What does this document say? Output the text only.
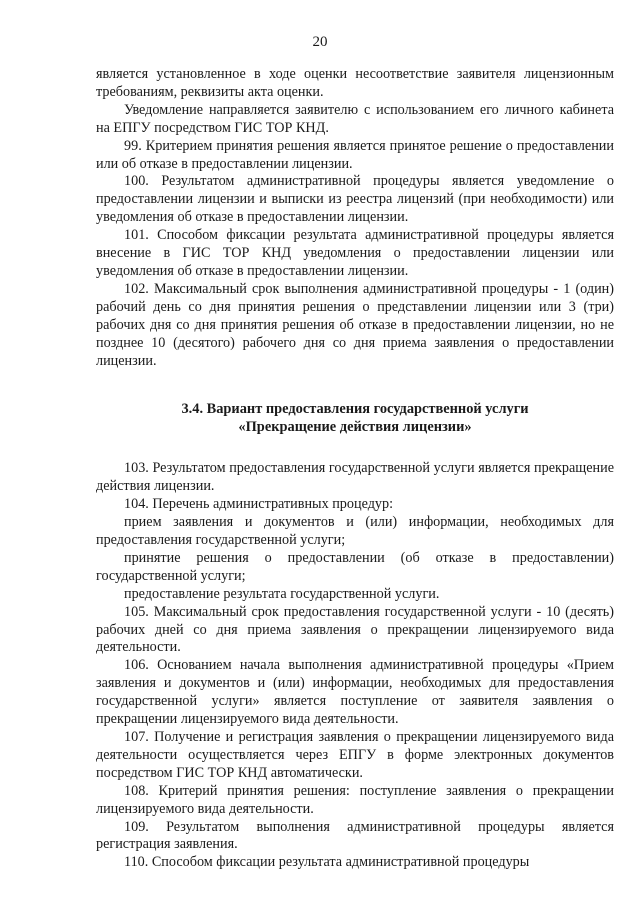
20

является установленное в ходе оценки несоответствие заявителя лицензионным требованиям, реквизиты акта оценки.

Уведомление направляется заявителю с использованием его личного кабинета на ЕПГУ посредством ГИС ТОР КНД.

99. Критерием принятия решения является принятое решение о предоставлении или об отказе в предоставлении лицензии.

100. Результатом административной процедуры является уведомление о предоставлении лицензии и выписки из реестра лицензий (при необходимости) или уведомления об отказе в предоставлении лицензии.

101. Способом фиксации результата административной процедуры является внесение в ГИС ТОР КНД уведомления о предоставлении лицензии или уведомления об отказе в предоставлении лицензии.

102. Максимальный срок выполнения административной процедуры - 1 (один) рабочий день со дня принятия решения о представлении лицензии или 3 (три) рабочих дня со дня принятия решения об отказе в предоставлении лицензии, но не позднее 10 (десятого) рабочего дня со дня приема заявления о предоставлении лицензии.

3.4. Вариант предоставления государственной услуги
«Прекращение действия лицензии»

103. Результатом предоставления государственной услуги является прекращение действия лицензии.

104. Перечень административных процедур:

прием заявления и документов и (или) информации, необходимых для предоставления государственной услуги;

принятие решения о предоставлении (об отказе в предоставлении) государственной услуги;

предоставление результата государственной услуги.

105. Максимальный срок предоставления государственной услуги - 10 (десять) рабочих дней со дня приема заявления о прекращении лицензируемого вида деятельности.

106. Основанием начала выполнения административной процедуры «Прием заявления и документов и (или) информации, необходимых для предоставления государственной услуги» является поступление от заявителя заявления о прекращении лицензируемого вида деятельности.

107. Получение и регистрация заявления о прекращении лицензируемого вида деятельности осуществляется через ЕПГУ в форме электронных документов посредством ГИС ТОР КНД автоматически.

108. Критерий принятия решения: поступление заявления о прекращении лицензируемого вида деятельности.

109. Результатом выполнения административной процедуры является регистрация заявления.

110. Способом фиксации результата административной процедуры
